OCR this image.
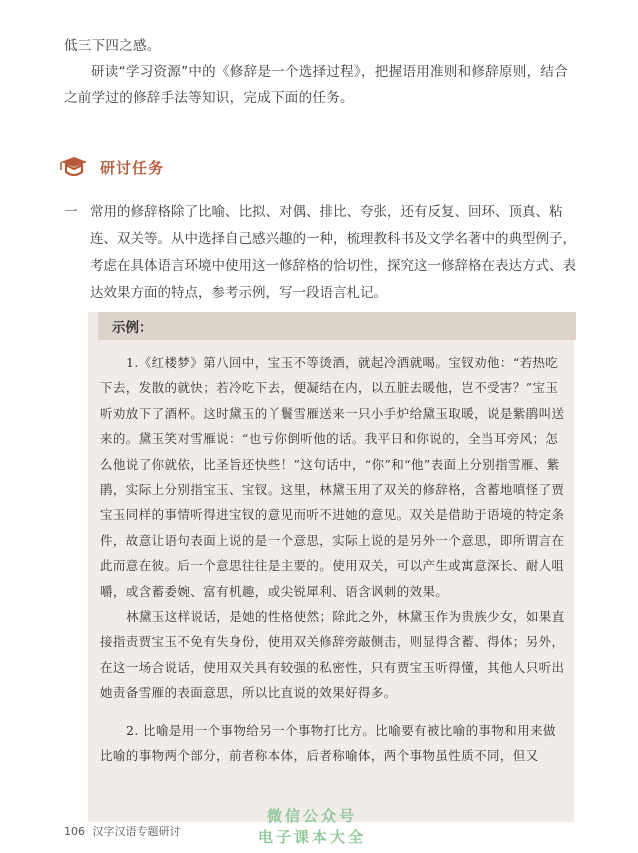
低三下四之感。
研读“学习资源”中的《修辞是一个选择过程》，把握语用准则和修辞原则，结合之前学过的修辞手法等知识，完成下面的任务。
研讨任务
一 常用的修辞格除了比喻、比拟、对偶、排比、夸张，还有反复、回环、顶真、粘连、双关等。从中选择自己感兴趣的一种，梳理教科书及文学名著中的典型例子，考虑在具体语言环境中使用这一修辞格的恰切性，探究这一修辞格在表达方式、表达效果方面的特点，参考示例，写一段语言札记。
示例：

1.《红楼梦》第八回中，宝玉不等烫酒，就起冷酒就喝。宝钗劝他：“若热吃下去，发散的就快；若冷吃下去，便凝结在内，以五脏去暖他，岂不受害？”宝玉听劝放下了酒杯。这时黛玉的丫鬟雪雁送来一只小手炉给黛玉取暖，说是紫鹃叫送来的。黛玉笑对雪雁说：“也亏你倒听他的话。我平日和你说的，全当耳旁风；怎么他说了你就依，比圣旨还快些！”这句话中，“你”和“他”表面上分别指雪雁、紫鹃，实际上分别指宝玉、宝钗。这里，林黛玉用了双关的修辞格，含蓄地嗔怪了贾宝玉同样的事情听得进宝钗的意见而听不进她的意见。双关是借助于语境的特定条件，故意让语句表面上说的是一个意思，实际上说的是另外一个意思，即所谓言在此而意在彼。后一个意思往往是主要的。使用双关，可以产生或寓意深长、耐人咀嚼，或含蓄委婉、富有机趣，或尖锐犀利、语含讽刺的效果。

林黛玉这样说话，是她的性格使然；除此之外，林黛玉作为贵族少女，如果直接指责贾宝玉不免有失身份，使用双关修辞旁敲侧击，则显得含蓄、得体；另外，在这一场合说话，使用双关具有较强的私密性，只有贾宝玉听得懂，其他人只听出她责备雪雁的表面意思，所以比直说的效果好得多。

2. 比喻是用一个事物给另一个事物打比方。比喻要有被比喻的事物和用来做比喻的事物两个部分，前者称本体，后者称喻体，两个事物虽性质不同，但又

微信公众号
电子课本大全
106 汉字汉语专题研讨
